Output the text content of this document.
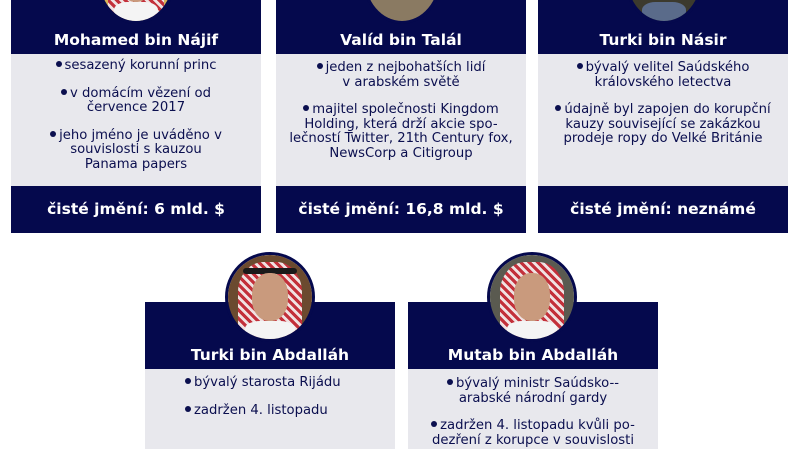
Mohamed bin Nájif
sesazený korunní princ
v domácím vězení od července 2017
jeho jméno je uváděno v souvislosti s kauzou Panama papers
čisté jmění: 6 mld. $
Valíd bin Talál
jeden z nejbohatších lidí v arabském světě
majitel společnosti Kingdom Holding, která drží akcie spo-lečností Twitter, 21th Century fox, NewsCorp a Citigroup
čisté jmění: 16,8 mld. $
Turki bin Násir
bývalý velitel Saúdského královského letectva
údajně byl zapojen do korupční kauzy související se zakázkou prodeje ropy do Velké Británie
čisté jmění: neznámé
Turki bin Abdalláh
bývalý starosta Rijádu
zadržen 4. listopadu
Mutab bin Abdalláh
bývalý ministr Saúdsko--arabské národní gardy
zadržen 4. listopadu kvůli po-dezření z korupce v souvislosti
